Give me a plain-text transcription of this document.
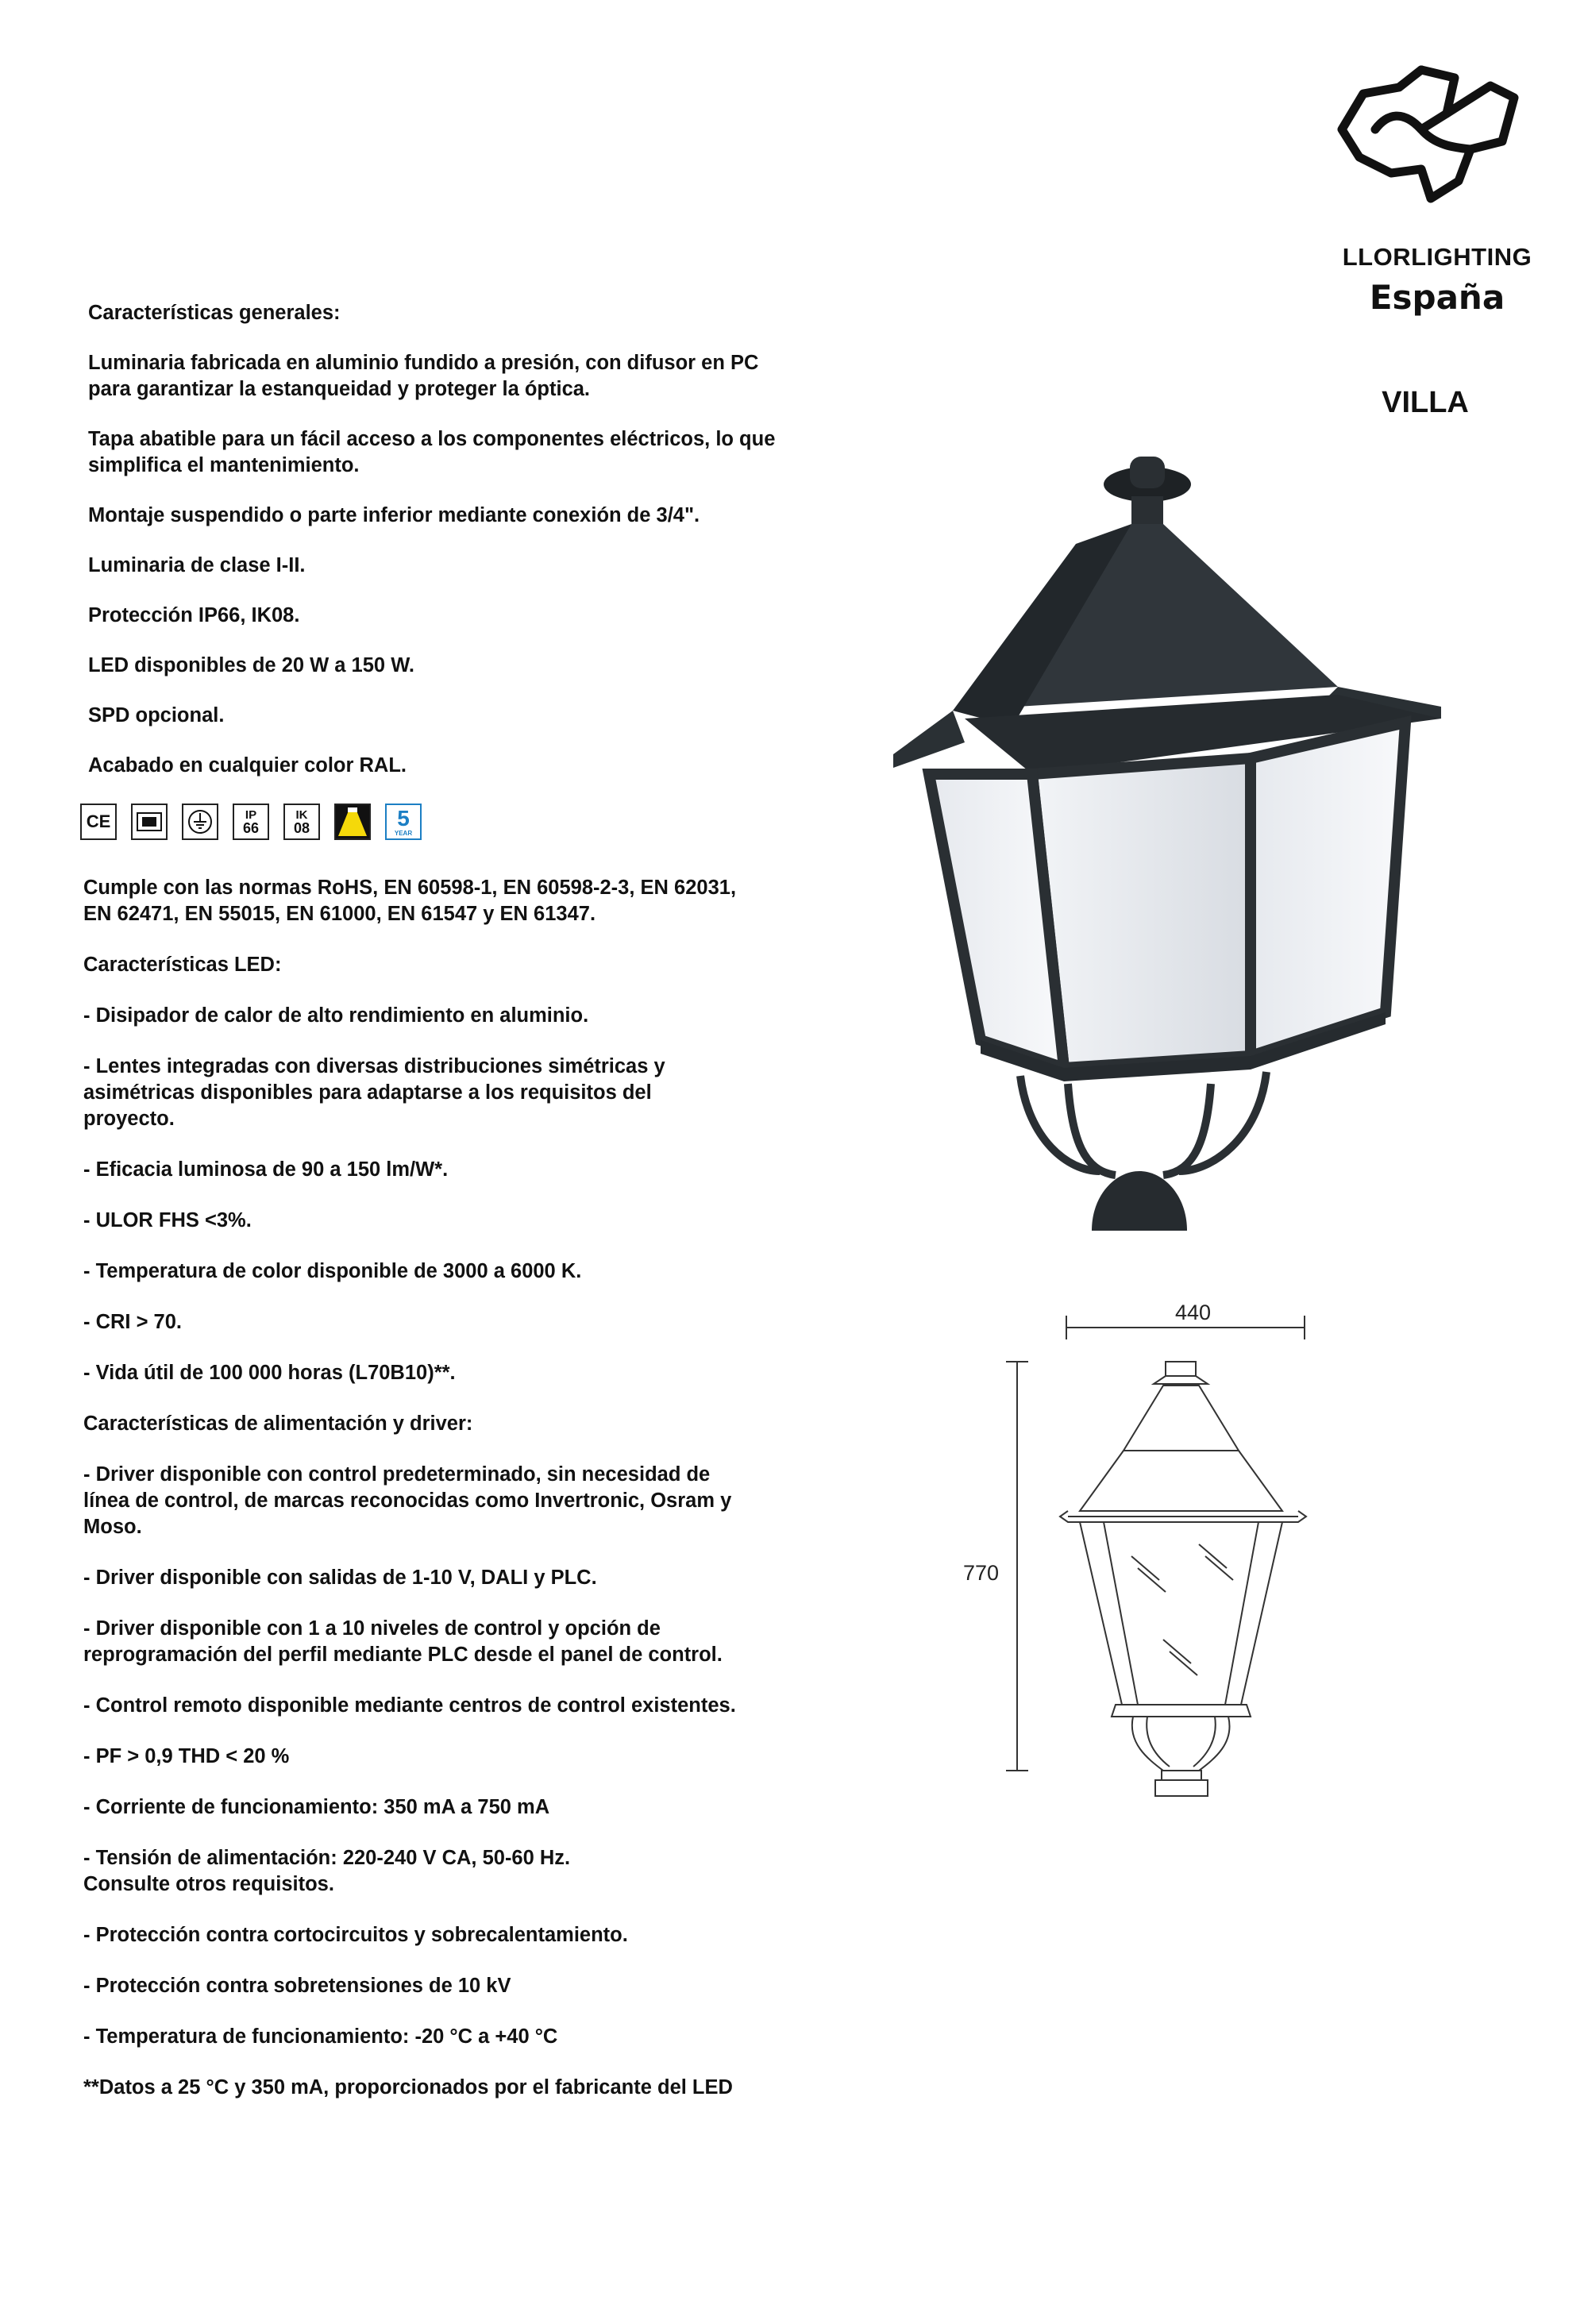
LLORLIGHTING
España
VILLA
Características generales:
Luminaria fabricada en aluminio fundido a presión, con difusor en PC
para garantizar la estanqueidad y proteger la óptica.
Tapa abatible para un fácil acceso a los componentes eléctricos, lo que
simplifica el mantenimiento.
Montaje suspendido o parte inferior mediante conexión de 3/4".
Luminaria de clase I-II.
Protección IP66, IK08.
LED disponibles de 20 W a 150 W.
SPD opcional.
Acabado en cualquier color RAL.
CE	IP
66
IK
08	5
YEAR
Cumple con las normas RoHS, EN 60598-1, EN 60598-2-3, EN 62031,
EN 62471, EN 55015, EN 61000, EN 61547 y EN 61347.
Características LED:
- Disipador de calor de alto rendimiento en aluminio.
- Lentes integradas con diversas distribuciones simétricas y
asimétricas disponibles para adaptarse a los requisitos del
proyecto.
- Eficacia luminosa de 90 a 150 lm/W*.
- ULOR FHS <3%.
- Temperatura de color disponible de 3000 a 6000 K.
- CRI > 70.
- Vida útil de 100 000 horas (L70B10)**.
Características de alimentación y driver:
- Driver disponible con control predeterminado, sin necesidad de
línea de control, de marcas reconocidas como Invertronic, Osram y
Moso.
- Driver disponible con salidas de 1-10 V, DALI y PLC.
- Driver disponible con 1 a 10 niveles de control y opción de
reprogramación del perfil mediante PLC desde el panel de control.
- Control remoto disponible mediante centros de control existentes.
- PF > 0,9 THD < 20 %
- Corriente de funcionamiento: 350 mA a 750 mA
- Tensión de alimentación: 220-240 V CA, 50-60 Hz.
Consulte otros requisitos.
- Protección contra cortocircuitos y sobrecalentamiento.
- Protección contra sobretensiones de 10 kV
- Temperatura de funcionamiento: -20 °C a +40 °C
**Datos a 25 °C y 350 mA, proporcionados por el fabricante del LED
440
770
